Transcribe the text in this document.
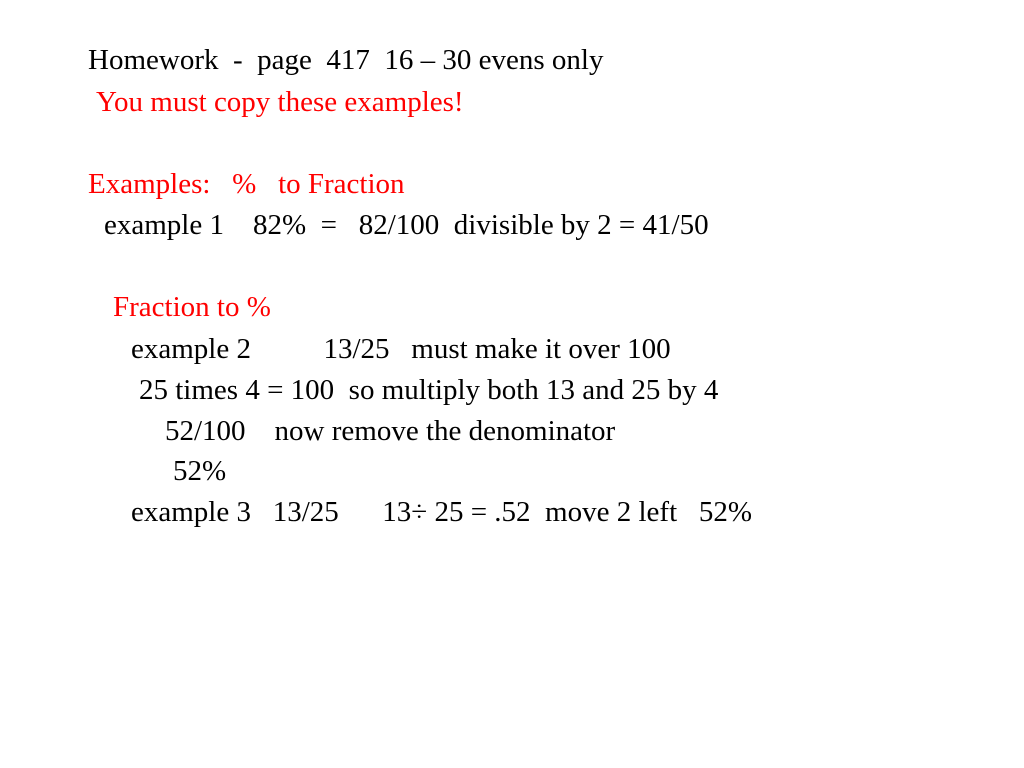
Homework  -  page  417  16 – 30 evens only
You must copy these examples!
Examples:   %   to Fraction
example 1    82%  =   82/100  divisible by 2 = 41/50
Fraction to %
example 2          13/25   must make it over 100
25 times 4 = 100  so multiply both 13 and 25 by 4
52/100    now remove the denominator
52%
example 3   13/25      13÷ 25 = .52  move 2 left   52%
